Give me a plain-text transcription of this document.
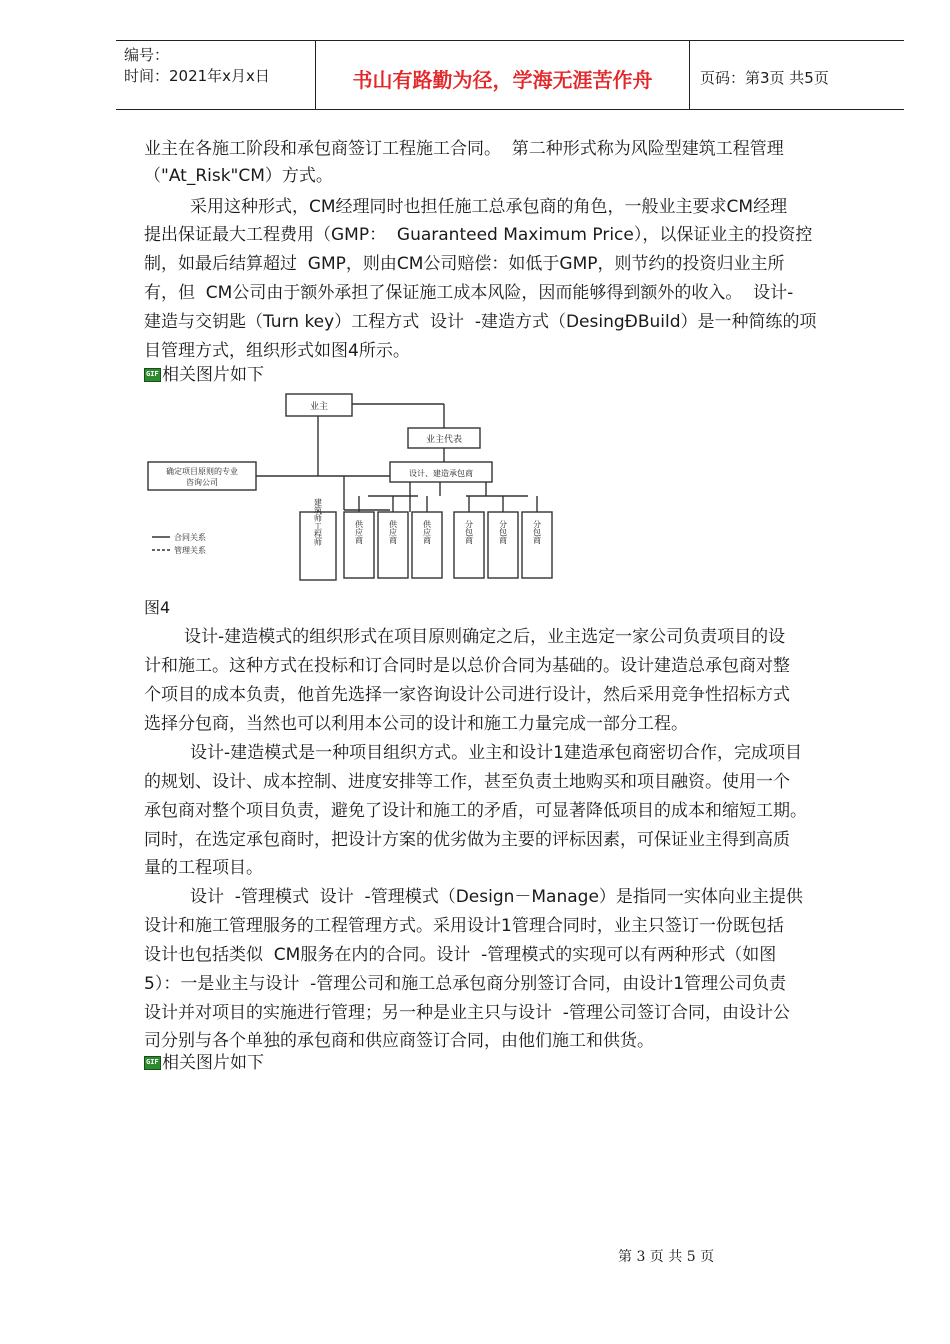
编号：
时间：2021年x月x日	书山有路勤为径，学海无涯苦作舟	页码：第3页 共5页
业主在各施工阶段和承包商签订工程施工合同。  第二种形式称为风险型建筑工程管理
（"At_Risk"CM）方式。
采用这种形式，CM经理同时也担任施工总承包商的角色，一般业主要求CM经理
提出保证最大工程费用（GMP：  Guaranteed Maximum Price），以保证业主的投资控
制，如最后结算超过  GMP，则由CM公司赔偿：如低于GMP，则节约的投资归业主所
有，但  CM公司由于额外承担了保证施工成本风险，因而能够得到额外的收入。  设计-
建造与交钥匙（Turn key）工程方式  设计  -建造方式（DesingÐBuild）是一种简练的项
目管理方式，组织形式如图4所示。
GIF 相关图片如下
业主
业主代表
确定项目原则的专业
咨询公司
设计、建造承包商
建筑师工程师	供应商	供应商	供应商	分包商	分包商	分包商
合同关系
管理关系
图4
设计-建造模式的组织形式在项目原则确定之后，业主选定一家公司负责项目的设
计和施工。这种方式在投标和订合同时是以总价合同为基础的。设计建造总承包商对整
个项目的成本负责，他首先选择一家咨询设计公司进行设计，然后采用竞争性招标方式
选择分包商，当然也可以利用本公司的设计和施工力量完成一部分工程。
设计-建造模式是一种项目组织方式。业主和设计1建造承包商密切合作，完成项目
的规划、设计、成本控制、进度安排等工作，甚至负责土地购买和项目融资。使用一个
承包商对整个项目负责，避免了设计和施工的矛盾，可显著降低项目的成本和缩短工期。
同时，在选定承包商时，把设计方案的优劣做为主要的评标因素，可保证业主得到高质
量的工程项目。
设计  -管理模式  设计  -管理模式（Design－Manage）是指同一实体向业主提供
设计和施工管理服务的工程管理方式。采用设计1管理合同时，业主只签订一份既包括
设计也包括类似  CM服务在内的合同。设计  -管理模式的实现可以有两种形式（如图
5）：一是业主与设计  -管理公司和施工总承包商分别签订合同，由设计1管理公司负责
设计并对项目的实施进行管理；另一种是业主只与设计  -管理公司签订合同，由设计公
司分别与各个单独的承包商和供应商签订合同，由他们施工和供货。
GIF 相关图片如下
第 3 页 共 5 页
